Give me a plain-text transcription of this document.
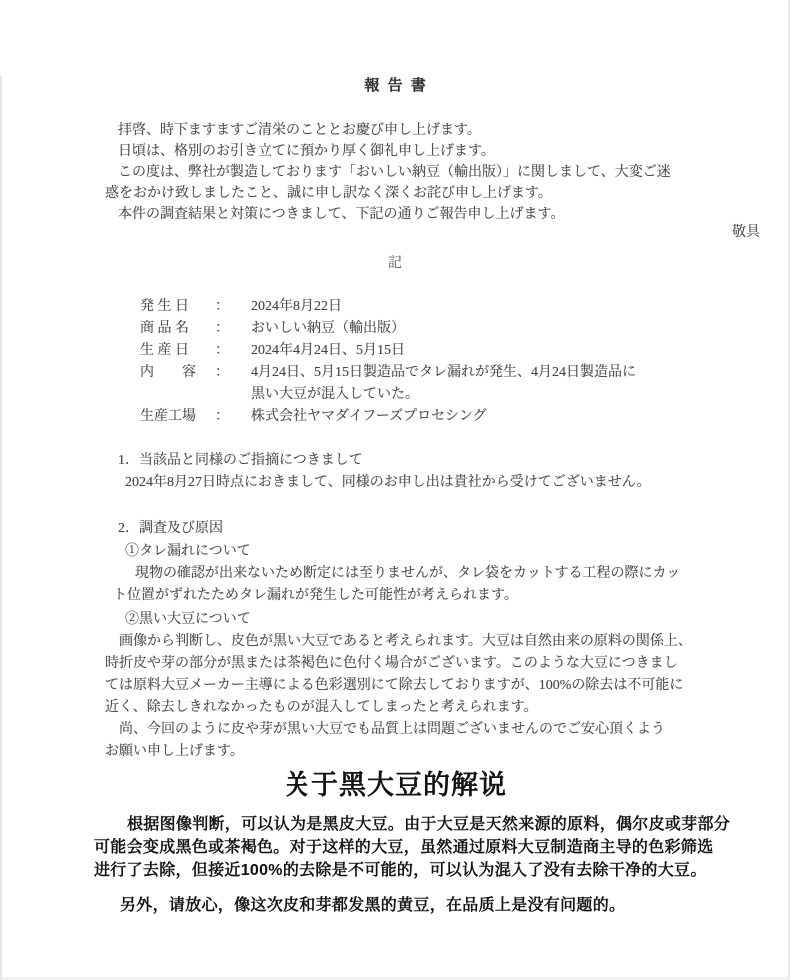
報告書
拝啓、時下ますますご清栄のこととお慶び申し上げます。
日頃は、格別のお引き立てに預かり厚く御礼申し上げます。
この度は、弊社が製造しております「おいしい納豆（輸出版）」に関しまして、大変ご迷
惑をおかけ致しましたこと、誠に申し訳なく深くお詫び申し上げます。
本件の調査結果と対策につきまして、下記の通りご報告申し上げます。
敬具
記
発 生 日	： 2024年8月22日
商 品 名	： おいしい納豆（輸出版）
生 産 日	： 2024年4月24日、5月15日
内　　容 ： 4月24日、5月15日製造品でタレ漏れが発生、4月24日製造品に
黒い大豆が混入していた。
生産工場 ： 株式会社ヤマダイフーズプロセシング
1．当該品と同様のご指摘につきまして
2024年8月27日時点におきまして、同様のお申し出は貴社から受けてございません。
2．調査及び原因
①タレ漏れについて
現物の確認が出来ないため断定には至りませんが、タレ袋をカットする工程の際にカッ
ト位置がずれたためタレ漏れが発生した可能性が考えられます。
②黒い大豆について
画像から判断し、皮色が黒い大豆であると考えられます。大豆は自然由来の原料の関係上、
時折皮や芽の部分が黒または茶褐色に色付く場合がございます。このような大豆につきまし
ては原料大豆メーカー主導による色彩選別にて除去しておりますが、100%の除去は不可能に
近く、除去しきれなかったものが混入してしまったと考えられます。
尚、今回のように皮や芽が黒い大豆でも品質上は問題ございませんのでご安心頂くよう
お願い申し上げます。
关于黑大豆的解说
根据图像判断，可以认为是黑皮大豆。由于大豆是天然来源的原料，偶尔皮或芽部分
可能会变成黑色或茶褐色。对于这样的大豆，虽然通过原料大豆制造商主导的色彩筛选
进行了去除，但接近100%的去除是不可能的，可以认为混入了没有去除干净的大豆。
另外，请放心，像这次皮和芽都发黑的黄豆，在品质上是没有问题的。
